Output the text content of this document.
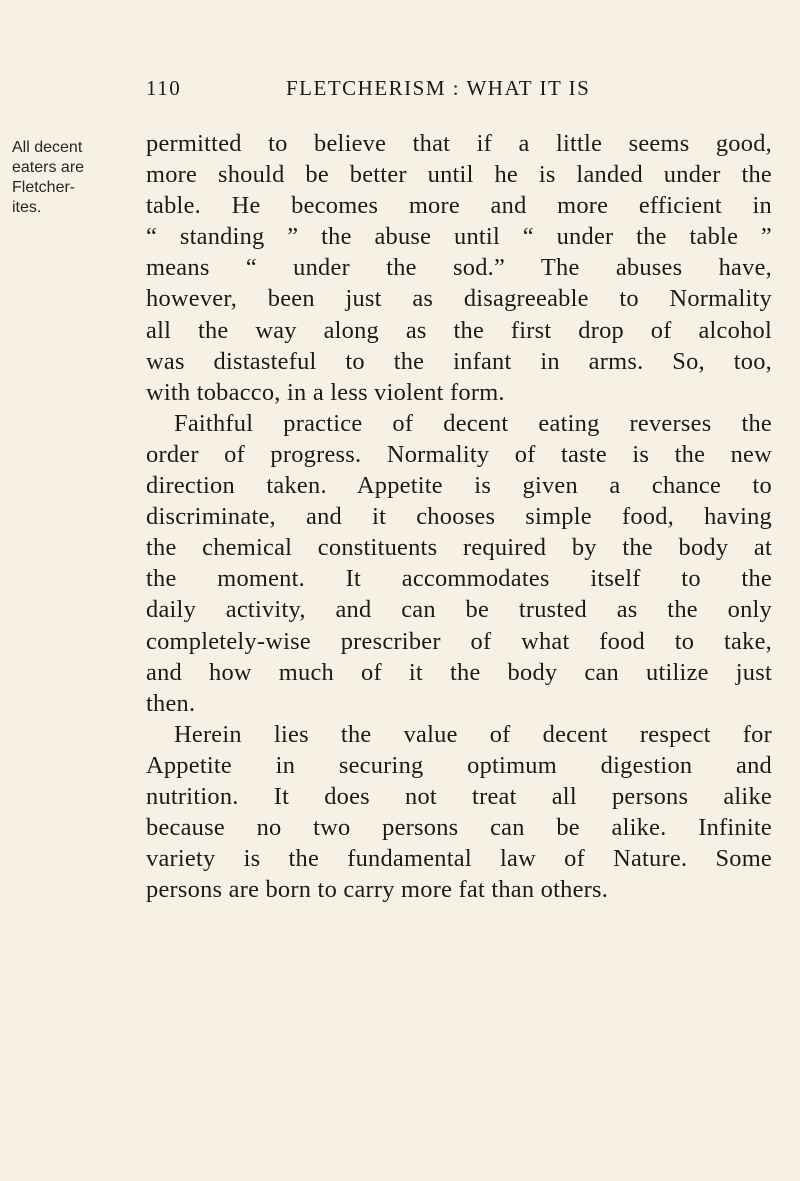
110	FLETCHERISM : WHAT IT IS
All decent
eaters are
Fletcher-
ites.
permitted to believe that if a little seems good,
more should be better until he is landed under the
table. He becomes more and more efficient in
“ standing ” the abuse until “ under the table ”
means “ under the sod.” The abuses have,
however, been just as disagreeable to Normality
all the way along as the first drop of alcohol
was distasteful to the infant in arms. So, too,
with tobacco, in a less violent form.
Faithful practice of decent eating reverses the
order of progress. Normality of taste is the new
direction taken. Appetite is given a chance to
discriminate, and it chooses simple food, having
the chemical constituents required by the body at
the moment. It accommodates itself to the
daily activity, and can be trusted as the only
completely-wise prescriber of what food to take,
and how much of it the body can utilize just
then.
Herein lies the value of decent respect for
Appetite in securing optimum digestion and
nutrition. It does not treat all persons alike
because no two persons can be alike. Infinite
variety is the fundamental law of Nature. Some
persons are born to carry more fat than others.
